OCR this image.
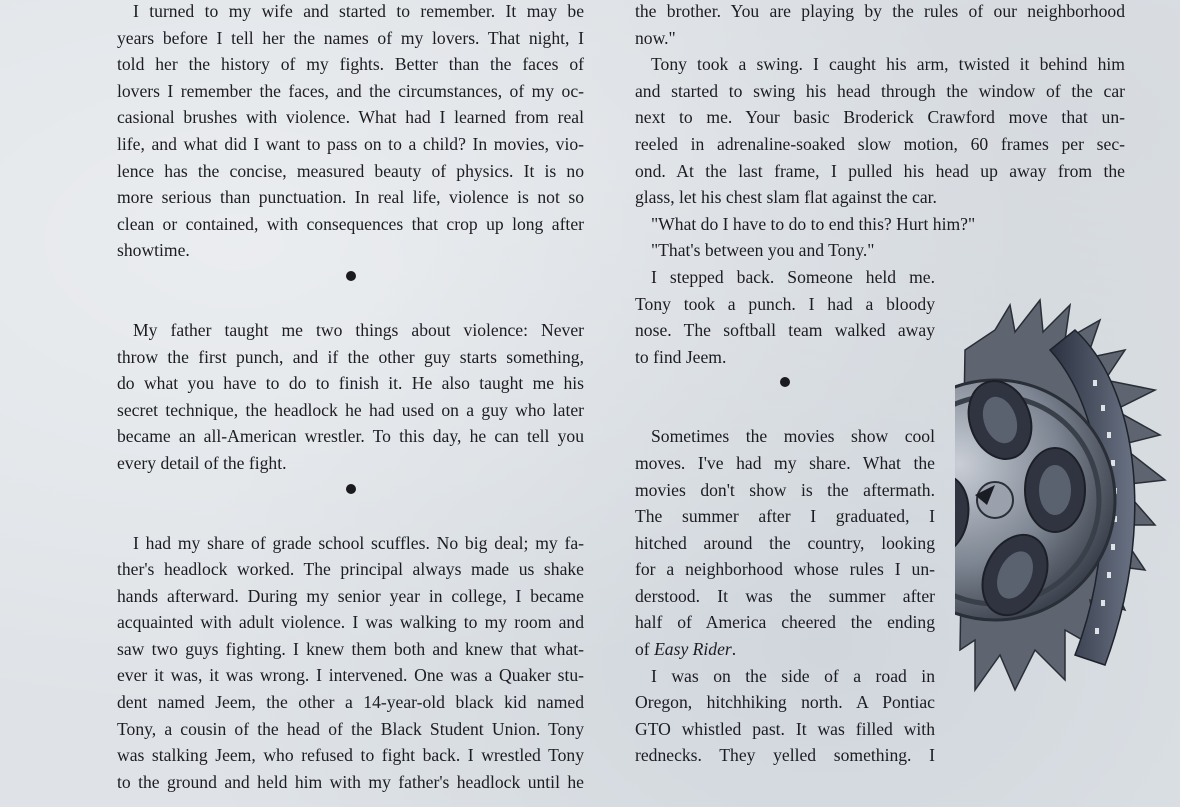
I turned to my wife and started to remember. It may be
years before I tell her the names of my lovers. That night, I
told her the history of my fights. Better than the faces of
lovers I remember the faces, and the circumstances, of my oc-
casional brushes with violence. What had I learned from real
life, and what did I want to pass on to a child? In movies, vio-
lence has the concise, measured beauty of physics. It is no
more serious than punctuation. In real life, violence is not so
clean or contained, with consequences that crop up long after
showtime.
My father taught me two things about violence: Never
throw the first punch, and if the other guy starts something,
do what you have to do to finish it. He also taught me his
secret technique, the headlock he had used on a guy who later
became an all-American wrestler. To this day, he can tell you
every detail of the fight.
I had my share of grade school scuffles. No big deal; my fa-
ther's headlock worked. The principal always made us shake
hands afterward. During my senior year in college, I became
acquainted with adult violence. I was walking to my room and
saw two guys fighting. I knew them both and knew that what-
ever it was, it was wrong. I intervened. One was a Quaker stu-
dent named Jeem, the other a 14-year-old black kid named
Tony, a cousin of the head of the Black Student Union. Tony
was stalking Jeem, who refused to fight back. I wrestled Tony
to the ground and held him with my father's headlock until he
the brother. You are playing by the rules of our neighborhood
now."
Tony took a swing. I caught his arm, twisted it behind him
and started to swing his head through the window of the car
next to me. Your basic Broderick Crawford move that un-
reeled in adrenaline-soaked slow motion, 60 frames per sec-
ond. At the last frame, I pulled his head up away from the
glass, let his chest slam flat against the car.
"What do I have to do to end this? Hurt him?"
"That's between you and Tony."
I stepped back. Someone held me.
Tony took a punch. I had a bloody
nose. The softball team walked away
to find Jeem.
Sometimes the movies show cool
moves. I've had my share. What the
movies don't show is the aftermath.
The summer after I graduated, I
hitched around the country, looking
for a neighborhood whose rules I un-
derstood. It was the summer after
half of America cheered the ending
of Easy Rider.
I was on the side of a road in
Oregon, hitchhiking north. A Pontiac
GTO whistled past. It was filled with
rednecks. They yelled something. I
